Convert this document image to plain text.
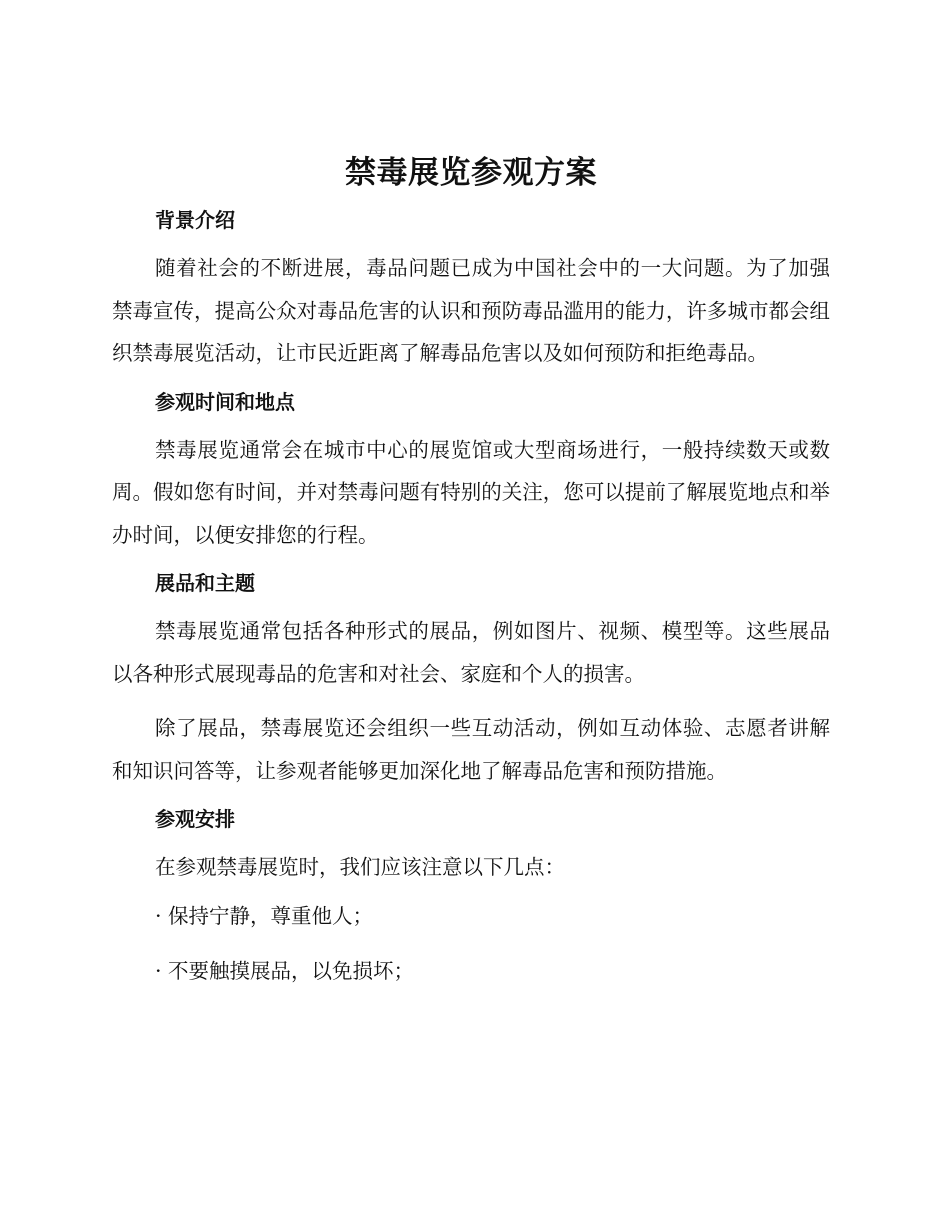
禁毒展览参观方案
背景介绍

随着社会的不断进展，毒品问题已成为中国社会中的一大问题。为了加强禁毒宣传，提高公众对毒品危害的认识和预防毒品滥用的能力，许多城市都会组织禁毒展览活动，让市民近距离了解毒品危害以及如何预防和拒绝毒品。

参观时间和地点

禁毒展览通常会在城市中心的展览馆或大型商场进行，一般持续数天或数周。假如您有时间，并对禁毒问题有特别的关注，您可以提前了解展览地点和举办时间，以便安排您的行程。

展品和主题

禁毒展览通常包括各种形式的展品，例如图片、视频、模型等。这些展品以各种形式展现毒品的危害和对社会、家庭和个人的损害。

除了展品，禁毒展览还会组织一些互动活动，例如互动体验、志愿者讲解和知识问答等，让参观者能够更加深化地了解毒品危害和预防措施。

参观安排

在参观禁毒展览时，我们应该注意以下几点：

· 保持宁静，尊重他人；

· 不要触摸展品，以免损坏；
